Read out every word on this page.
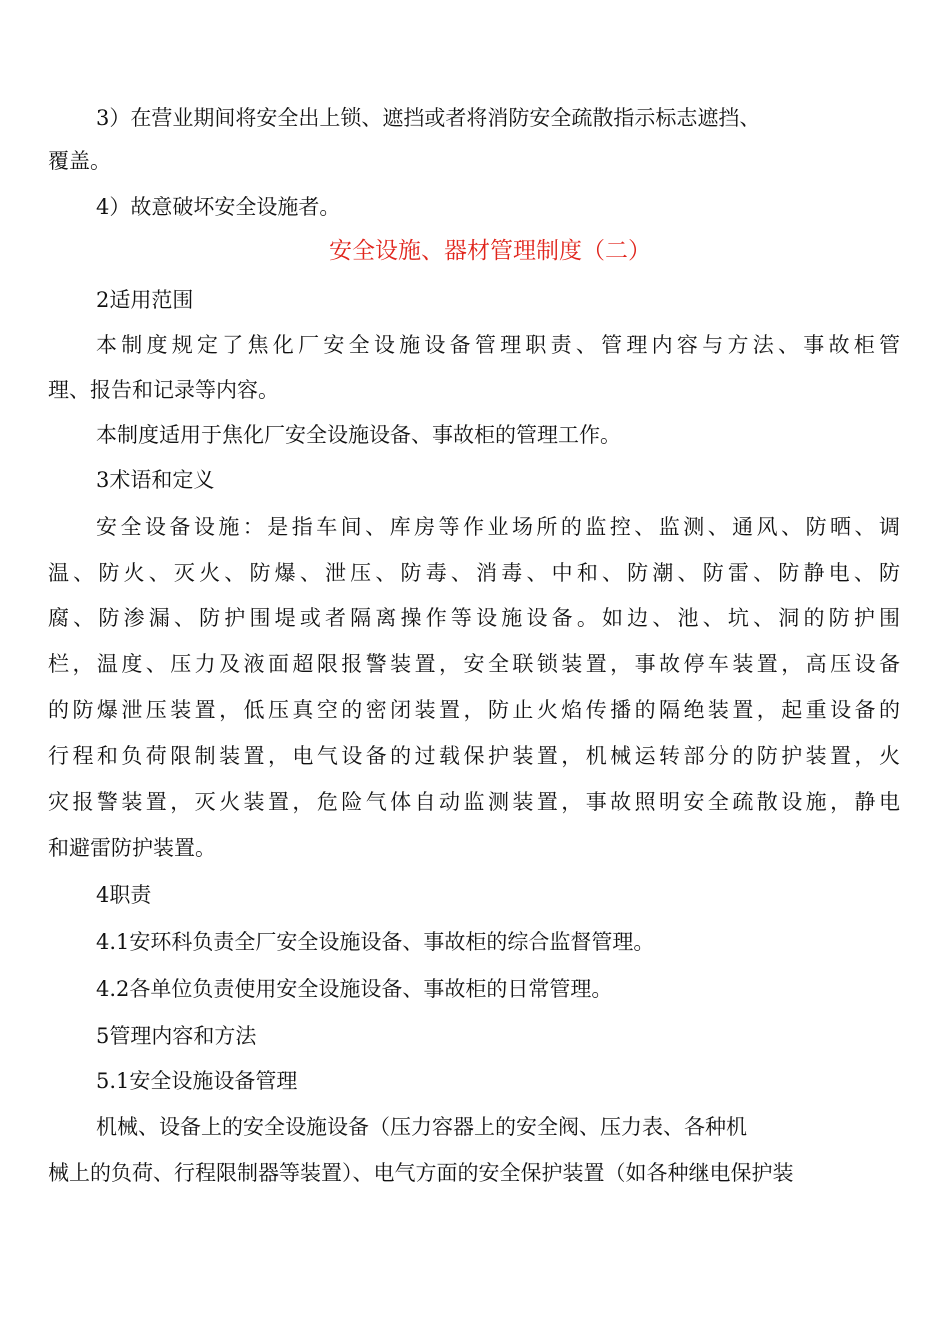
3）在营业期间将安全出上锁、遮挡或者将消防安全疏散指示标志遮挡、
覆盖。
4）故意破坏安全设施者。
安全设施、器材管理制度（二）
2适用范围
本制度规定了焦化厂安全设施设备管理职责、管理内容与方法、事故柜管
理、报告和记录等内容。
本制度适用于焦化厂安全设施设备、事故柜的管理工作。
3术语和定义
安全设备设施：是指车间、库房等作业场所的监控、监测、通风、防晒、调
温、防火、灭火、防爆、泄压、防毒、消毒、中和、防潮、防雷、防静电、防
腐、防渗漏、防护围堤或者隔离操作等设施设备。如边、池、坑、洞的防护围
栏，温度、压力及液面超限报警装置，安全联锁装置，事故停车装置，高压设备
的防爆泄压装置，低压真空的密闭装置，防止火焰传播的隔绝装置，起重设备的
行程和负荷限制装置，电气设备的过载保护装置，机械运转部分的防护装置，火
灾报警装置，灭火装置，危险气体自动监测装置，事故照明安全疏散设施，静电
和避雷防护装置。
4职责
4.1安环科负责全厂安全设施设备、事故柜的综合监督管理。
4.2各单位负责使用安全设施设备、事故柜的日常管理。
5管理内容和方法
5.1安全设施设备管理
机械、设备上的安全设施设备（压力容器上的安全阀、压力表、各种机
械上的负荷、行程限制器等装置）、电气方面的安全保护装置（如各种继电保护装
